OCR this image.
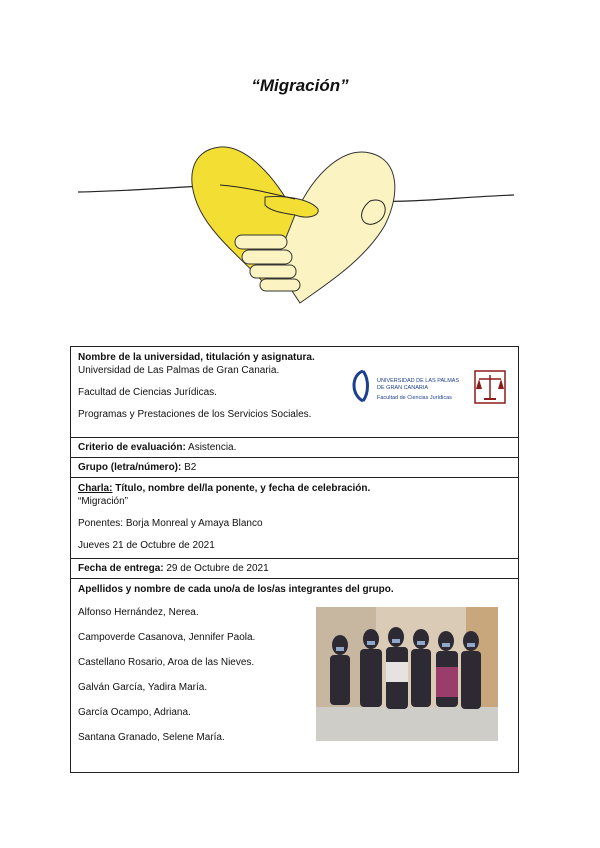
“Migración”
Nombre de la universidad, titulación y asignatura.
Universidad de Las Palmas de Gran Canaria.
Facultad de Ciencias Jurídicas.
Programas y Prestaciones de los Servicios Sociales.
UNIVERSIDAD DE LAS PALMAS
DE GRAN CANARIA
Facultad de Ciencias Jurídicas

Criterio de evaluación: Asistencia.
Grupo (letra/número): B2

Charla: Título, nombre del/la ponente, y fecha de celebración.
“Migración”
Ponentes: Borja Monreal y Amaya Blanco
Jueves 21 de Octubre de 2021

Fecha de entrega: 29 de Octubre de 2021

Apellidos y nombre de cada uno/a de los/as integrantes del grupo.
Alfonso Hernández, Nerea.
Campoverde Casanova, Jennifer Paola.
Castellano Rosario, Aroa de las Nieves.
Galván García, Yadira María.
García Ocampo, Adriana.
Santana Granado, Selene María.
